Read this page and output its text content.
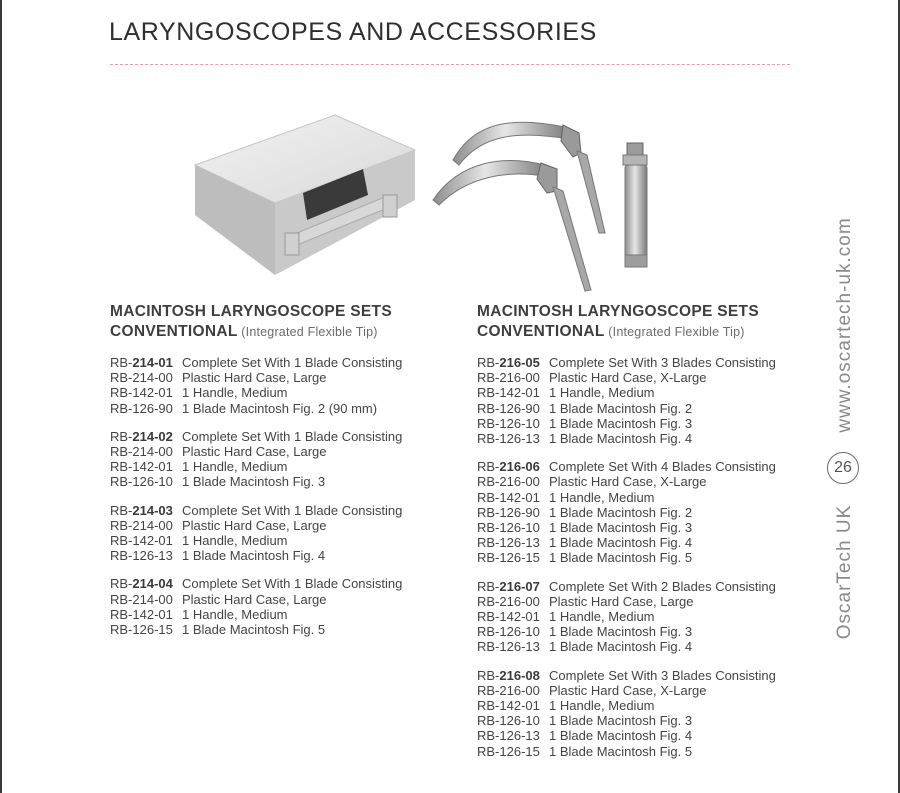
LARYNGOSCOPES AND ACCESSORIES
MACINTOSH LARYNGOSCOPE SETS
CONVENTIONAL (Integrated Flexible Tip)
RB-214-01 Complete Set With 1 Blade Consisting
RB-214-00 Plastic Hard Case, Large
RB-142-01 1 Handle, Medium
RB-126-90 1 Blade Macintosh Fig. 2 (90 mm)
RB-214-02 Complete Set With 1 Blade Consisting
RB-214-00 Plastic Hard Case, Large
RB-142-01 1 Handle, Medium
RB-126-10 1 Blade Macintosh Fig. 3
RB-214-03 Complete Set With 1 Blade Consisting
RB-214-00 Plastic Hard Case, Large
RB-142-01 1 Handle, Medium
RB-126-13 1 Blade Macintosh Fig. 4
RB-214-04 Complete Set With 1 Blade Consisting
RB-214-00 Plastic Hard Case, Large
RB-142-01 1 Handle, Medium
RB-126-15 1 Blade Macintosh Fig. 5
MACINTOSH LARYNGOSCOPE SETS
CONVENTIONAL (Integrated Flexible Tip)
RB-216-05 Complete Set With 3 Blades Consisting
RB-216-00 Plastic Hard Case, X-Large
RB-142-01 1 Handle, Medium
RB-126-90 1 Blade Macintosh Fig. 2
RB-126-10 1 Blade Macintosh Fig. 3
RB-126-13 1 Blade Macintosh Fig. 4
RB-216-06 Complete Set With 4 Blades Consisting
RB-216-00 Plastic Hard Case, X-Large
RB-142-01 1 Handle, Medium
RB-126-90 1 Blade Macintosh Fig. 2
RB-126-10 1 Blade Macintosh Fig. 3
RB-126-13 1 Blade Macintosh Fig. 4
RB-126-15 1 Blade Macintosh Fig. 5
RB-216-07 Complete Set With 2 Blades Consisting
RB-216-00 Plastic Hard Case, Large
RB-142-01 1 Handle, Medium
RB-126-10 1 Blade Macintosh Fig. 3
RB-126-13 1 Blade Macintosh Fig. 4
RB-216-08 Complete Set With 3 Blades Consisting
RB-216-00 Plastic Hard Case, X-Large
RB-142-01 1 Handle, Medium
RB-126-10 1 Blade Macintosh Fig. 3
RB-126-13 1 Blade Macintosh Fig. 4
RB-126-15 1 Blade Macintosh Fig. 5
www.oscartech-uk.com
26
OscarTech UK
